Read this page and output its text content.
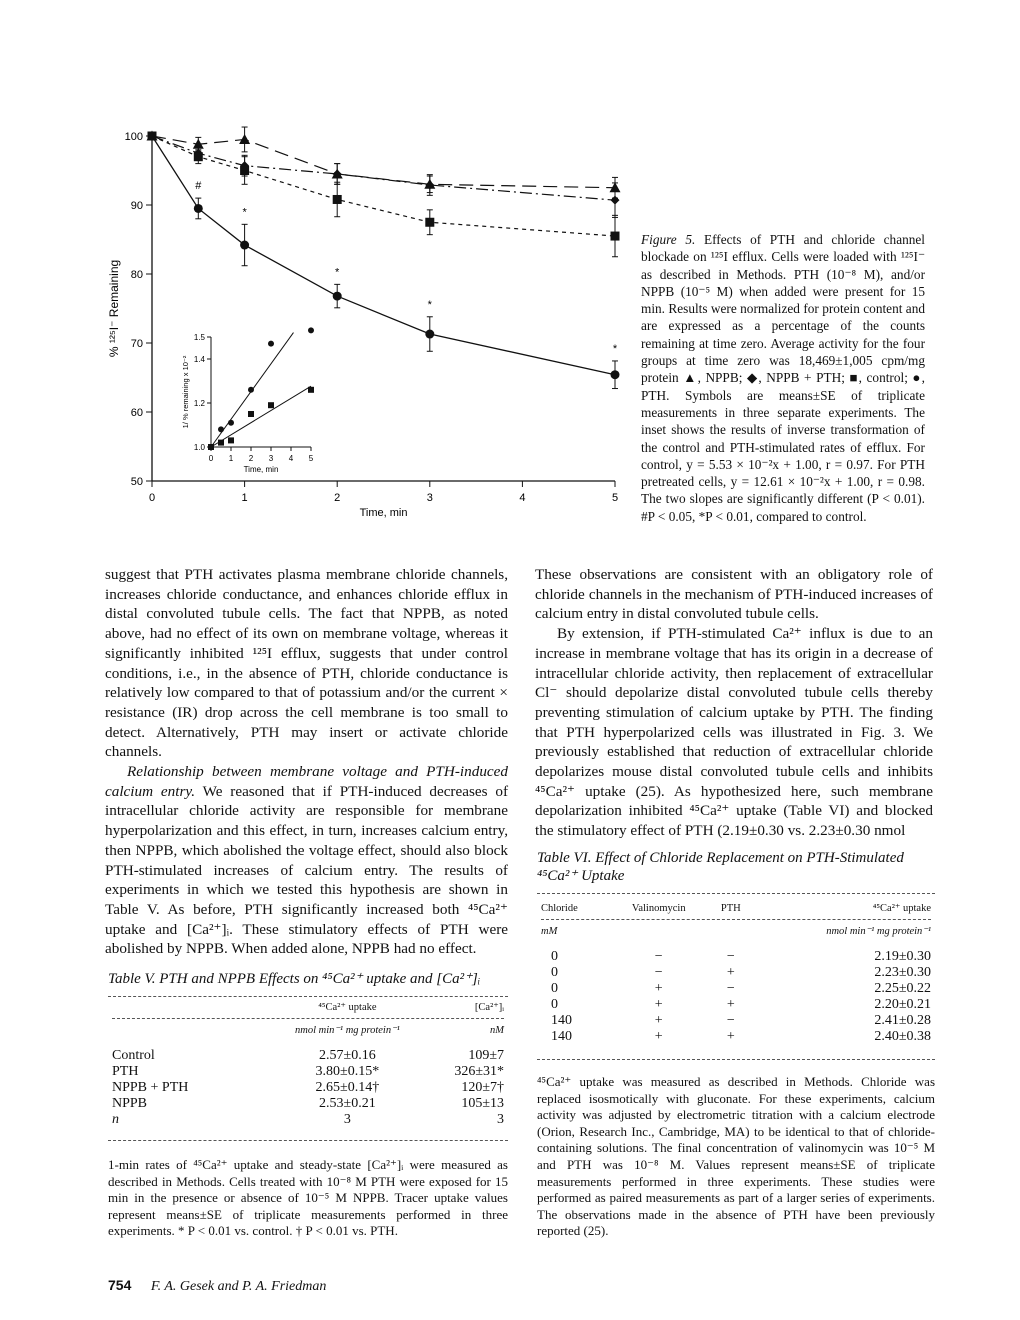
0	1	2	3	4	5
50
60
70
80
90
100
Time, min
% ¹²⁵I⁻ Remaining
#
*
*
*
*
0 1 2 3 4 5
1.0
1.2
1.4
1.5
Time, min
1/ % remaining x 10⁻²
Figure 5. Effects of PTH and chloride channel blockade on ¹²⁵I efflux. Cells were loaded with ¹²⁵I⁻ as described in Methods. PTH (10⁻⁸ M), and/or NPPB (10⁻⁵ M) when added were present for 15 min. Results were normalized for protein content and are expressed as a percentage of the counts remaining at time zero. Average activity for the four groups at time zero was 18,469±1,005 cpm/mg protein ▲, NPPB; ◆, NPPB + PTH; ■, control; ●, PTH. Symbols are means±SE of triplicate measurements in three separate experiments. The inset shows the results of inverse transformation of the control and PTH-stimulated rates of efflux. For control, y = 5.53 × 10⁻²x + 1.00, r = 0.97. For PTH pretreated cells, y = 12.61 × 10⁻²x + 1.00, r = 0.98. The two slopes are significantly different (P < 0.01). #P < 0.05, *P < 0.01, compared to control.

suggest that PTH activates plasma membrane chloride channels, increases chloride conductance, and enhances chloride efflux in distal convoluted tubule cells. The fact that NPPB, as noted above, had no effect of its own on membrane voltage, whereas it significantly inhibited ¹²⁵I efflux, suggests that under control conditions, i.e., in the absence of PTH, chloride conductance is relatively low compared to that of potassium and/or the current × resistance (IR) drop across the cell membrane is too small to detect. Alternatively, PTH may insert or activate chloride channels.

Relationship between membrane voltage and PTH-induced calcium entry. We reasoned that if PTH-induced decreases of intracellular chloride activity are responsible for membrane hyperpolarization and this effect, in turn, increases calcium entry, then NPPB, which abolished the voltage effect, should also block PTH-stimulated increases of calcium entry. The results of experiments in which we tested this hypothesis are shown in Table V. As before, PTH significantly increased both ⁴⁵Ca²⁺ uptake and [Ca²⁺]ᵢ. These stimulatory effects of PTH were abolished by NPPB. When added alone, NPPB had no effect.

These observations are consistent with an obligatory role of chloride channels in the mechanism of PTH-induced increases of calcium entry in distal convoluted tubule cells.

By extension, if PTH-stimulated Ca²⁺ influx is due to an increase in membrane voltage that has its origin in a decrease of intracellular chloride activity, then replacement of extracellular Cl⁻ should depolarize distal convoluted tubule cells thereby preventing stimulation of calcium uptake by PTH. The finding that PTH hyperpolarized cells was illustrated in Fig. 3. We previously established that reduction of extracellular chloride depolarizes mouse distal convoluted tubule cells and inhibits ⁴⁵Ca²⁺ uptake (25). As hypothesized here, such membrane depolarization inhibited ⁴⁵Ca²⁺ uptake (Table VI) and blocked the stimulatory effect of PTH (2.19±0.30 vs. 2.23±0.30 nmol

Table V. PTH and NPPB Effects on ⁴⁵Ca²⁺ uptake and [Ca²⁺]ᵢ
	⁴⁵Ca²⁺ uptake	[Ca²⁺]ᵢ

	nmol min⁻¹ mg protein⁻¹	nM

Control	2.57±0.16	109±7
PTH	3.80±0.15*	326±31*
NPPB + PTH	2.65±0.14†	120±7†
NPPB	2.53±0.21	105±13
n	3	3
1-min rates of ⁴⁵Ca²⁺ uptake and steady-state [Ca²⁺]ᵢ were measured as described in Methods. Cells treated with 10⁻⁸ M PTH were exposed for 15 min in the presence or absence of 10⁻⁵ M NPPB. Tracer uptake values represent means±SE of triplicate measurements performed in three experiments. * P < 0.01 vs. control. † P < 0.01 vs. PTH.
Table VI. Effect of Chloride Replacement on PTH-Stimulated ⁴⁵Ca²⁺ Uptake
Chloride	Valinomycin	PTH	⁴⁵Ca²⁺ uptake

mM			nmol min⁻¹ mg protein⁻¹

0	−	−	2.19±0.30
0	−	+	2.23±0.30
0	+	−	2.25±0.22
0	+	+	2.20±0.21
140	+	−	2.41±0.28
140	+	+	2.40±0.38
⁴⁵Ca²⁺ uptake was measured as described in Methods. Chloride was replaced isosmotically with gluconate. For these experiments, calcium activity was adjusted by electrometric titration with a calcium electrode (Orion, Research Inc., Cambridge, MA) to be identical to that of chloride-containing solutions. The final concentration of valinomycin was 10⁻⁵ M and PTH was 10⁻⁸ M. Values represent means±SE of triplicate measurements performed in three experiments. These studies were performed as paired measurements as part of a larger series of experiments. The observations made in the absence of PTH have been previously reported (25).
754 F. A. Gesek and P. A. Friedman
